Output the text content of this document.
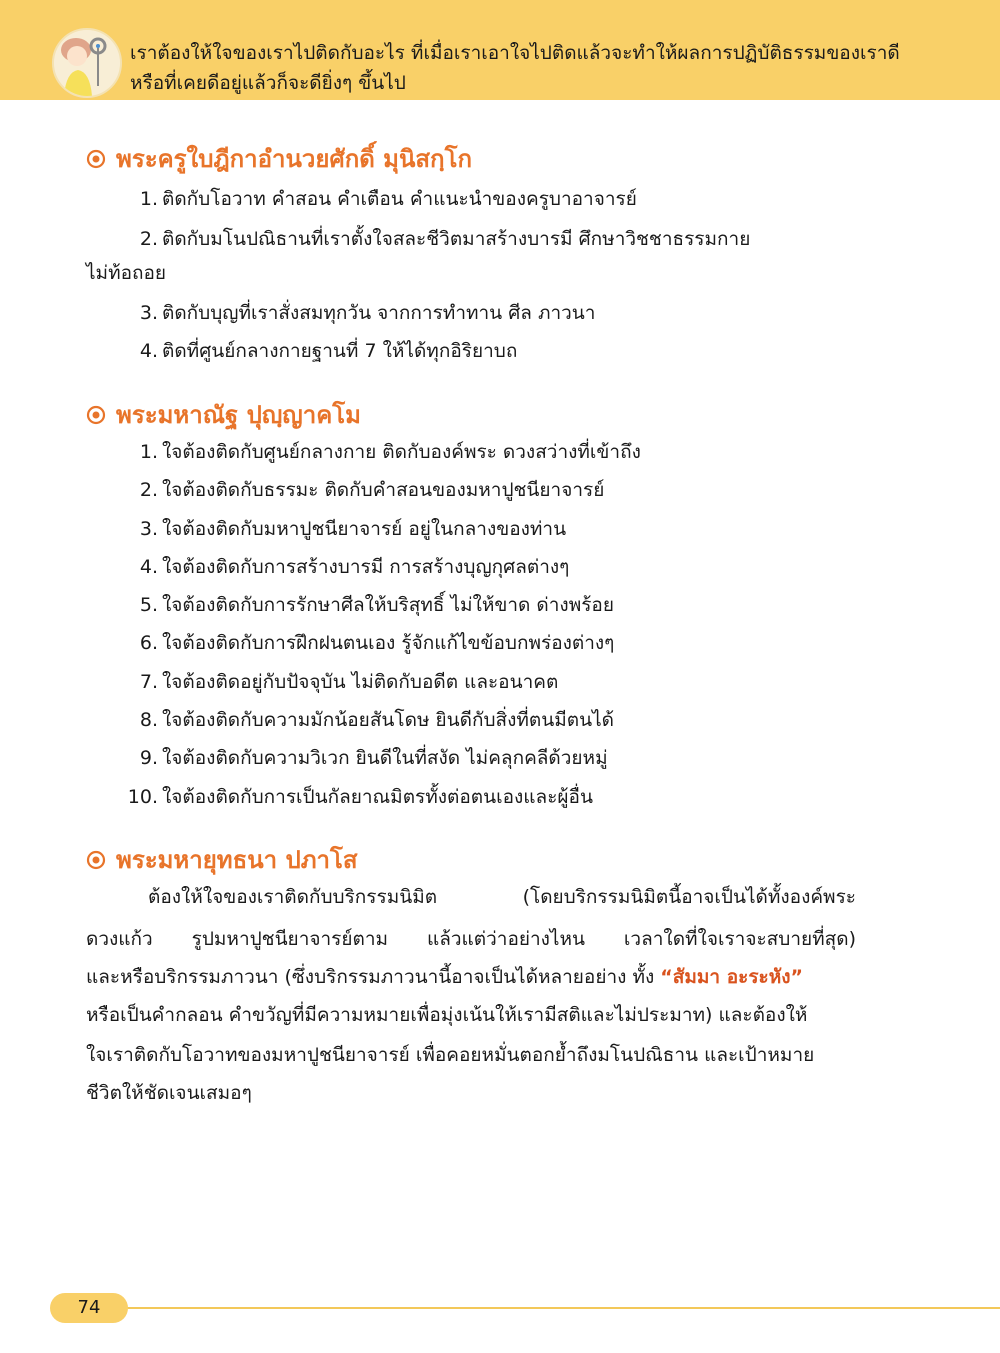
เราต้องให้ใจของเราไปติดกับอะไร ที่เมื่อเราเอาใจไปติดแล้วจะทำให้ผลการปฏิบัติธรรมของเราดี
หรือที่เคยดีอยู่แล้วก็จะดียิ่งๆ ขึ้นไป
พระครูใบฎีกาอำนวยศักดิ์ มุนิสกฺโก
1. ติดกับโอวาท คำสอน คำเตือน คำแนะนำของครูบาอาจารย์
2. ติดกับมโนปณิธานที่เราตั้งใจสละชีวิตมาสร้างบารมี ศึกษาวิชชาธรรมกาย
ไม่ท้อถอย
3. ติดกับบุญที่เราสั่งสมทุกวัน จากการทำทาน ศีล ภาวนา
4. ติดที่ศูนย์กลางกายฐานที่ 7 ให้ได้ทุกอิริยาบถ
พระมหาณัฐ ปุญฺญาคโม
1. ใจต้องติดกับศูนย์กลางกาย ติดกับองค์พระ ดวงสว่างที่เข้าถึง
2. ใจต้องติดกับธรรมะ ติดกับคำสอนของมหาปูชนียาจารย์
3. ใจต้องติดกับมหาปูชนียาจารย์ อยู่ในกลางของท่าน
4. ใจต้องติดกับการสร้างบารมี การสร้างบุญกุศลต่างๆ
5. ใจต้องติดกับการรักษาศีลให้บริสุทธิ์ ไม่ให้ขาด ด่างพร้อย
6. ใจต้องติดกับการฝึกฝนตนเอง รู้จักแก้ไขข้อบกพร่องต่างๆ
7. ใจต้องติดอยู่กับปัจจุบัน ไม่ติดกับอดีต และอนาคต
8. ใจต้องติดกับความมักน้อยสันโดษ ยินดีกับสิ่งที่ตนมีตนได้
9. ใจต้องติดกับความวิเวก ยินดีในที่สงัด ไม่คลุกคลีด้วยหมู่
10. ใจต้องติดกับการเป็นกัลยาณมิตรทั้งต่อตนเองและผู้อื่น
พระมหายุทธนา ปภาโส
ต้องให้ใจของเราติดกับบริกรรมนิมิต (โดยบริกรรมนิมิตนี้อาจเป็นได้ทั้งองค์พระ
ดวงแก้ว รูปมหาปูชนียาจารย์ตาม แล้วแต่ว่าอย่างไหน เวลาใดที่ใจเราจะสบายที่สุด)
และหรือบริกรรมภาวนา (ซึ่งบริกรรมภาวนานี้อาจเป็นได้หลายอย่าง ทั้ง “สัมมา อะระหัง”
หรือเป็นคำกลอน คำขวัญที่มีความหมายเพื่อมุ่งเน้นให้เรามีสติและไม่ประมาท) และต้องให้
ใจเราติดกับโอวาทของมหาปูชนียาจารย์ เพื่อคอยหมั่นตอกย้ำถึงมโนปณิธาน และเป้าหมาย
ชีวิตให้ชัดเจนเสมอๆ
74
